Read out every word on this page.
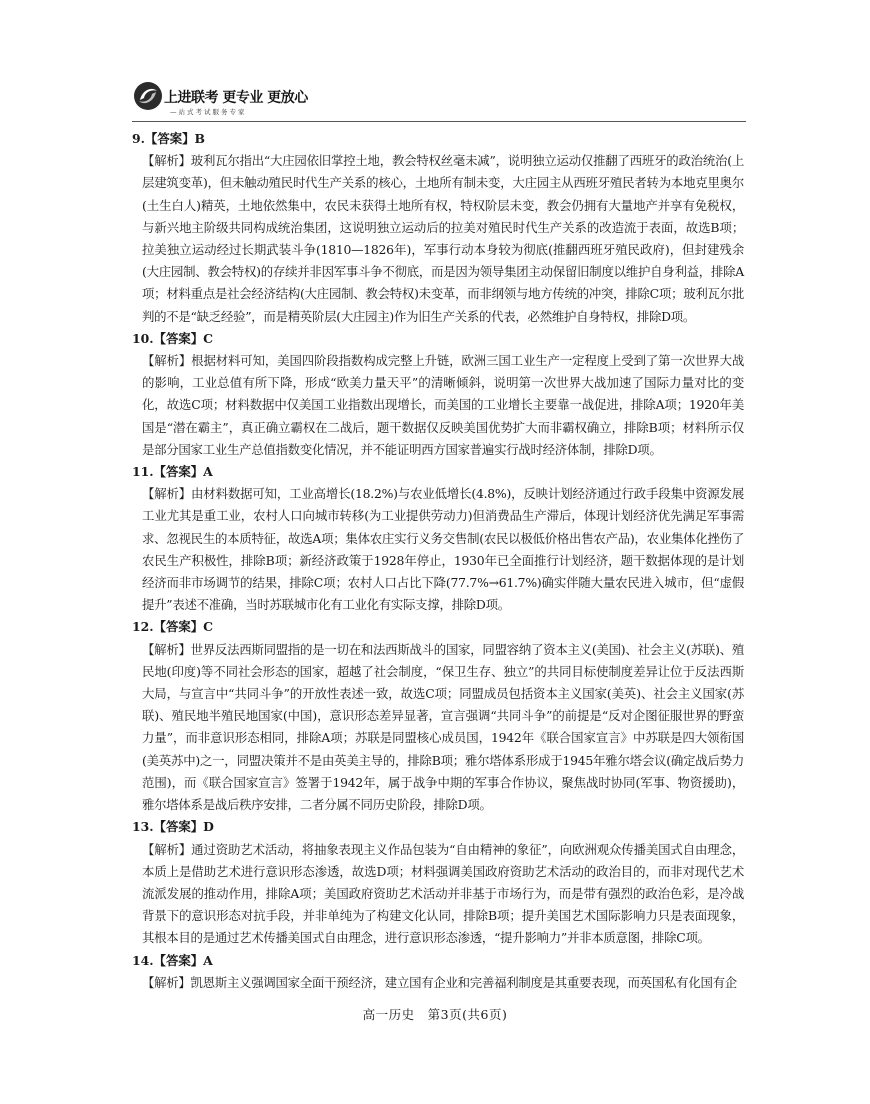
上进联考 更专业 更放心
—站式考试服务专家

9.【答案】B

【解析】玻利瓦尔指出“大庄园依旧掌控土地，教会特权丝毫未减”，说明独立运动仅推翻了西班牙的政治统治(上层建筑变革)，但未触动殖民时代生产关系的核心，土地所有制未变，大庄园主从西班牙殖民者转为本地克里奥尔(土生白人)精英，土地依然集中，农民未获得土地所有权，特权阶层未变，教会仍拥有大量地产并享有免税权，与新兴地主阶级共同构成统治集团，这说明独立运动后的拉美对殖民时代生产关系的改造流于表面，故选B项；拉美独立运动经过长期武装斗争(1810—1826年)，军事行动本身较为彻底(推翻西班牙殖民政府)，但封建残余(大庄园制、教会特权)的存续并非因军事斗争不彻底，而是因为领导集团主动保留旧制度以维护自身利益，排除A项；材料重点是社会经济结构(大庄园制、教会特权)未变革，而非纲领与地方传统的冲突，排除C项；玻利瓦尔批判的不是“缺乏经验”，而是精英阶层(大庄园主)作为旧生产关系的代表，必然维护自身特权，排除D项。

10.【答案】C

【解析】根据材料可知，美国四阶段指数构成完整上升链，欧洲三国工业生产一定程度上受到了第一次世界大战的影响，工业总值有所下降，形成“欧美力量天平”的清晰倾斜，说明第一次世界大战加速了国际力量对比的变化，故选C项；材料数据中仅美国工业指数出现增长，而美国的工业增长主要靠一战促进，排除A项；1920年美国是“潜在霸主”，真正确立霸权在二战后，题干数据仅反映美国优势扩大而非霸权确立，排除B项；材料所示仅是部分国家工业生产总值指数变化情况，并不能证明西方国家普遍实行战时经济体制，排除D项。

11.【答案】A

【解析】由材料数据可知，工业高增长(18.2%)与农业低增长(4.8%)，反映计划经济通过行政手段集中资源发展工业尤其是重工业，农村人口向城市转移(为工业提供劳动力)但消费品生产滞后，体现计划经济优先满足军事需求、忽视民生的本质特征，故选A项；集体农庄实行义务交售制(农民以极低价格出售农产品)，农业集体化挫伤了农民生产积极性，排除B项；新经济政策于1928年停止，1930年已全面推行计划经济，题干数据体现的是计划经济而非市场调节的结果，排除C项；农村人口占比下降(77.7%→61.7%)确实伴随大量农民进入城市，但“虚假提升”表述不准确，当时苏联城市化有工业化有实际支撑，排除D项。

12.【答案】C

【解析】世界反法西斯同盟指的是一切在和法西斯战斗的国家，同盟容纳了资本主义(美国)、社会主义(苏联)、殖民地(印度)等不同社会形态的国家，超越了社会制度，“保卫生存、独立”的共同目标使制度差异让位于反法西斯大局，与宣言中“共同斗争”的开放性表述一致，故选C项；同盟成员包括资本主义国家(美英)、社会主义国家(苏联)、殖民地半殖民地国家(中国)，意识形态差异显著，宣言强调“共同斗争”的前提是“反对企图征服世界的野蛮力量”，而非意识形态相同，排除A项；苏联是同盟核心成员国，1942年《联合国家宣言》中苏联是四大领衔国(美英苏中)之一，同盟决策并不是由英美主导的，排除B项；雅尔塔体系形成于1945年雅尔塔会议(确定战后势力范围)，而《联合国家宣言》签署于1942年，属于战争中期的军事合作协议，聚焦战时协同(军事、物资援助)，雅尔塔体系是战后秩序安排，二者分属不同历史阶段，排除D项。

13.【答案】D

【解析】通过资助艺术活动，将抽象表现主义作品包装为“自由精神的象征”，向欧洲观众传播美国式自由理念，本质上是借助艺术进行意识形态渗透，故选D项；材料强调美国政府资助艺术活动的政治目的，而非对现代艺术流派发展的推动作用，排除A项；美国政府资助艺术活动并非基于市场行为，而是带有强烈的政治色彩，是冷战背景下的意识形态对抗手段，并非单纯为了构建文化认同，排除B项；提升美国艺术国际影响力只是表面现象，其根本目的是通过艺术传播美国式自由理念，进行意识形态渗透，“提升影响力”并非本质意图，排除C项。

14.【答案】A

【解析】凯恩斯主义强调国家全面干预经济，建立国有企业和完善福利制度是其重要表现，而英国私有化国有企

高一历史　第3页(共6页)
